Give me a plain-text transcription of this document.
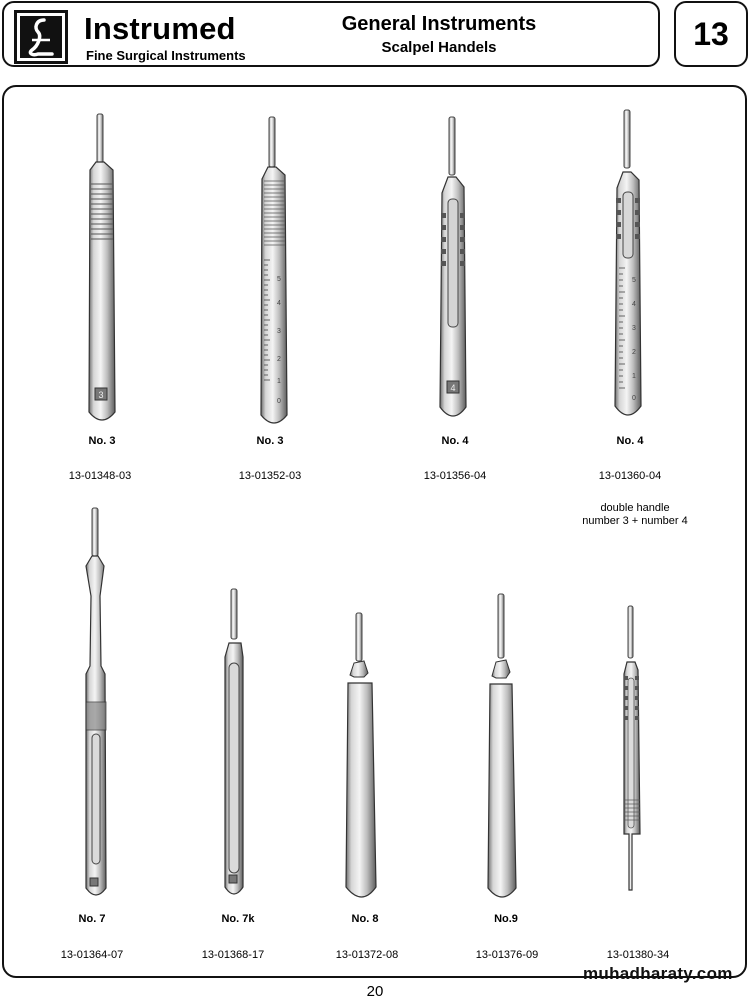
Instrumed
Fine Surgical Instruments
General Instruments
Scalpel Handels	13
3
No. 3
13-01348-03
0
1
2
3
4
5
No. 3
13-01352-03
4
No. 4
13-01356-04
0
1
2
3
4
5
No. 4
13-01360-04
double handle
number 3 + number 4
No. 7
13-01364-07
No. 7k
13-01368-17
No. 8
13-01372-08
No.9
13-01376-09	13-01380-34
muhadharaty.com
20
